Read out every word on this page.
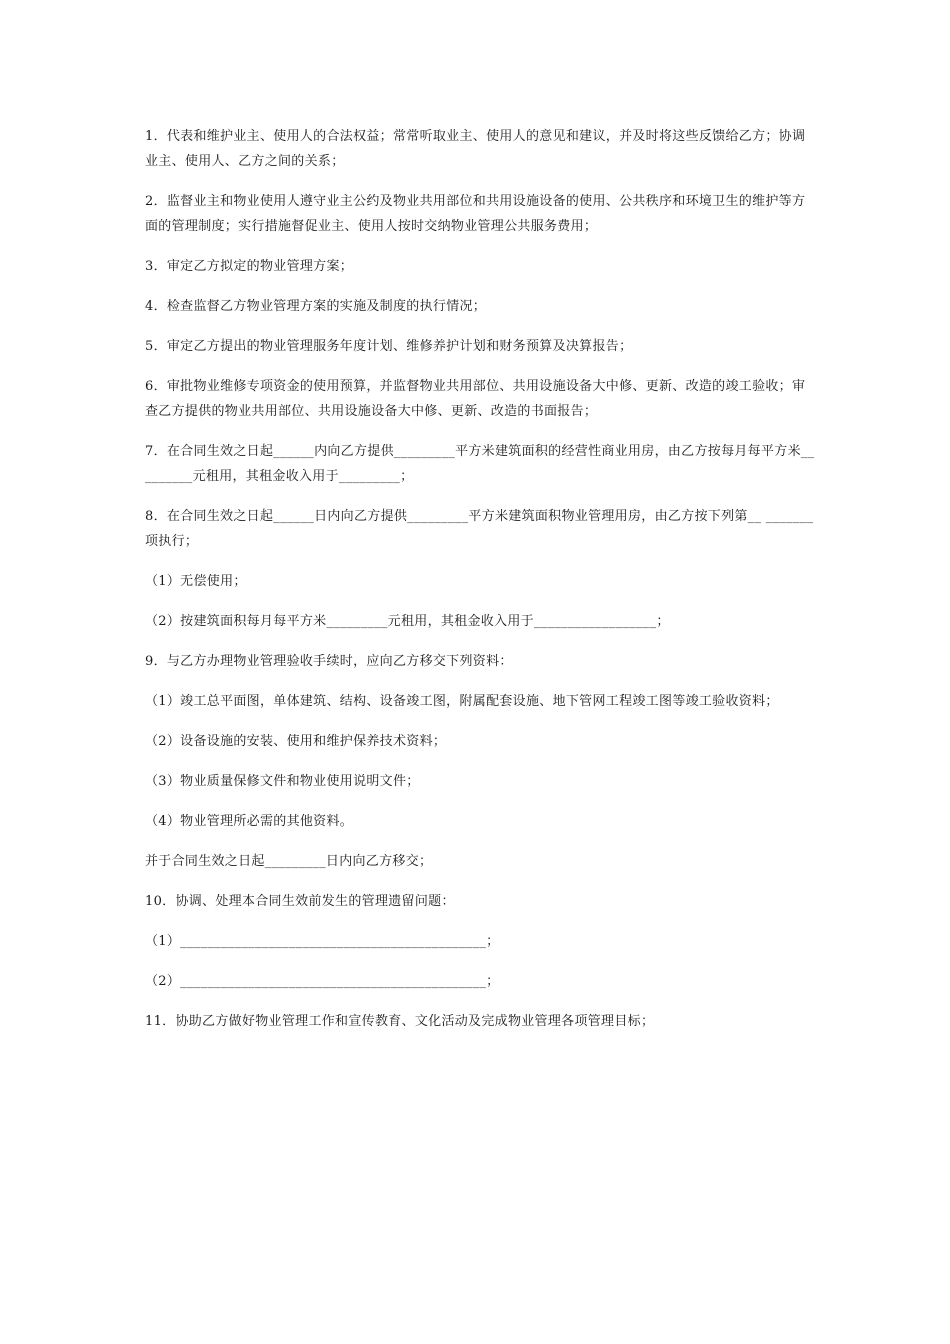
1．代表和维护业主、使用人的合法权益；常常听取业主、使用人的意见和建议，并及时将这些反馈给乙方；协调业主、使用人、乙方之间的关系；

2．监督业主和物业使用人遵守业主公约及物业共用部位和共用设施设备的使用、公共秩序和环境卫生的维护等方面的管理制度；实行措施督促业主、使用人按时交纳物业管理公共服务费用；

3．审定乙方拟定的物业管理方案；

4．检查监督乙方物业管理方案的实施及制度的执行情况；

5．审定乙方提出的物业管理服务年度计划、维修养护计划和财务预算及决算报告；

6．审批物业维修专项资金的使用预算，并监督物业共用部位、共用设施设备大中修、更新、改造的竣工验收；审查乙方提供的物业共用部位、共用设施设备大中修、更新、改造的书面报告；

7．在合同生效之日起______内向乙方提供_________平方米建筑面积的经营性商业用房，由乙方按每月每平方米_________元租用，其租金收入用于_________；

8．在合同生效之日起______日内向乙方提供_________平方米建筑面积物业管理用房，由乙方按下列第__ _______项执行；

（1）无偿使用；

（2）按建筑面积每月每平方米_________元租用，其租金收入用于__________________；

9．与乙方办理物业管理验收手续时，应向乙方移交下列资料：

（1）竣工总平面图，单体建筑、结构、设备竣工图，附属配套设施、地下管网工程竣工图等竣工验收资料；

（2）设备设施的安装、使用和维护保养技术资料；

（3）物业质量保修文件和物业使用说明文件；

（4）物业管理所必需的其他资料。

并于合同生效之日起_________日内向乙方移交；

10．协调、处理本合同生效前发生的管理遗留问题：

（1）_____________________________________________；

（2）_____________________________________________；

11．协助乙方做好物业管理工作和宣传教育、文化活动及完成物业管理各项管理目标；
